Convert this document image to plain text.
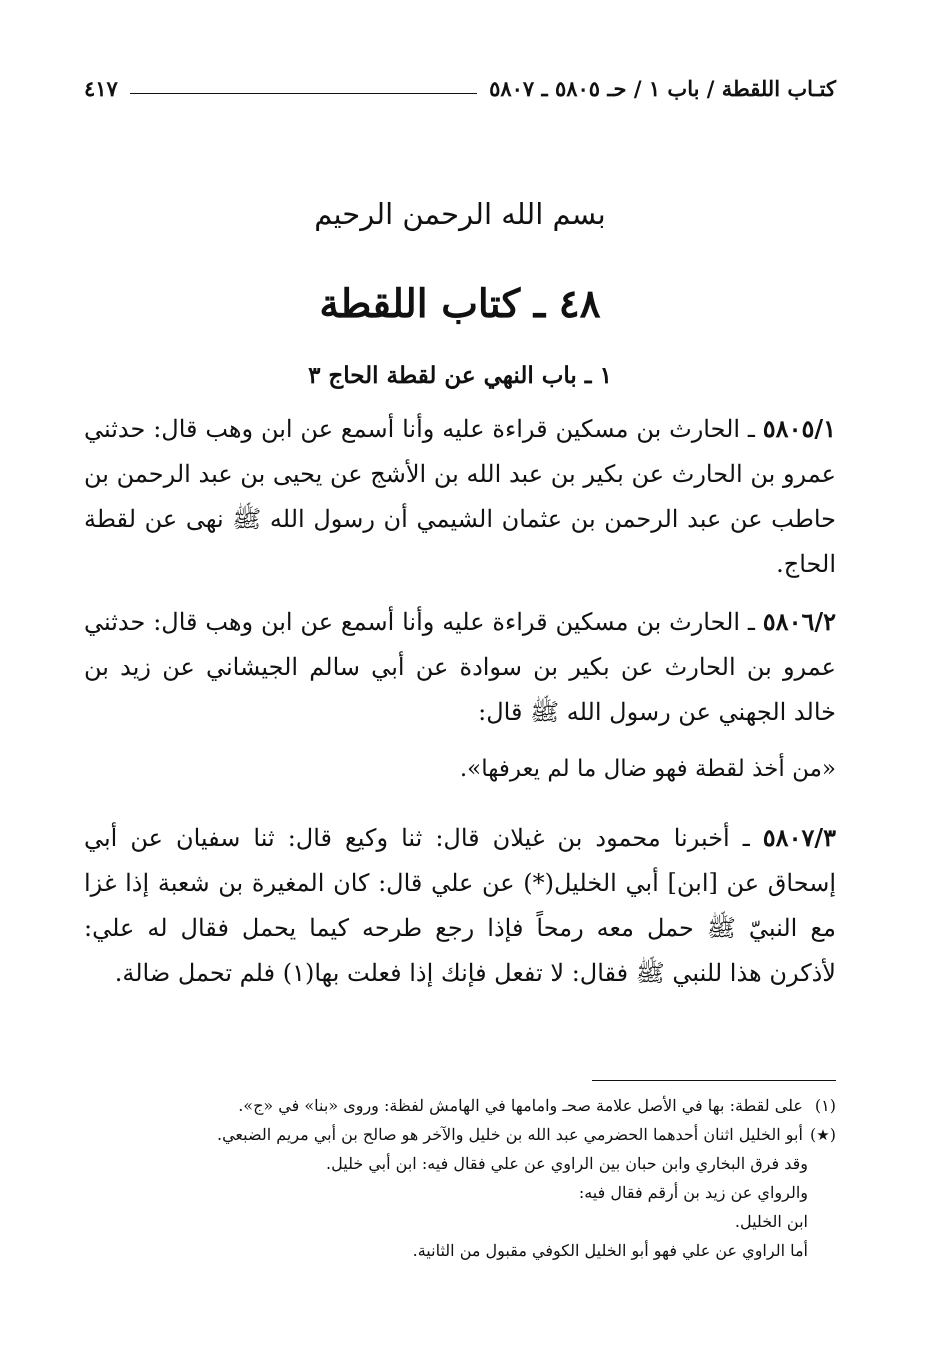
كتـاب اللقطة / باب ١ / حـ ٥٨٠٥ ـ ٥٨٠٧
٤١٧
بسم الله الرحمن الرحيم
٤٨ ـ كتاب اللقطة
١ ـ باب النهي عن لقطة الحاج ٣

٥٨٠٥/١ ـ الحارث بن مسكين قراءة عليه وأنا أسمع عن ابن وهب قال: حدثني عمرو بن الحارث عن بكير بن عبد الله بن الأشج عن يحيى بن عبد الرحمن بن حاطب عن عبد الرحمن بن عثمان الشيمي أن رسول الله ﷺ نهى عن لقطة الحاج.

٥٨٠٦/٢ ـ الحارث بن مسكين قراءة عليه وأنا أسمع عن ابن وهب قال: حدثني عمرو بن الحارث عن بكير بن سوادة عن أبي سالم الجيشاني عن زيد بن خالد الجهني عن رسول الله ﷺ قال:

«من أخذ لقطة فهو ضال ما لم يعرفها».

٥٨٠٧/٣ ـ أخبرنا محمود بن غيلان قال: ثنا وكيع قال: ثنا سفيان عن أبي إسحاق عن [ابن] أبي الخليل(*) عن علي قال: كان المغيرة بن شعبة إذا غزا مع النبيّ ﷺ حمل معه رمحاً فإذا رجع طرحه كيما يحمل فقال له علي: لأذكرن هذا للنبي ﷺ فقال: لا تفعل فإنك إذا فعلت بها(١) فلم تحمل ضالة.

(١) على لقطة: بها في الأصل علامة صحـ وامامها في الهامش لفظة: وروى «بنا» في «ج».

(★) أبو الخليل اثنان أحدهما الحضرمي عبد الله بن خليل والآخر هو صالح بن أبي مريم الضبعي.

وقد فرق البخاري وابن حبان بين الراوي عن علي فقال فيه: ابن أبي خليل.

والرواي عن زيد بن أرقم فقال فيه:

ابن الخليل.

أما الراوي عن علي فهو أبو الخليل الكوفي مقبول من الثانية.
